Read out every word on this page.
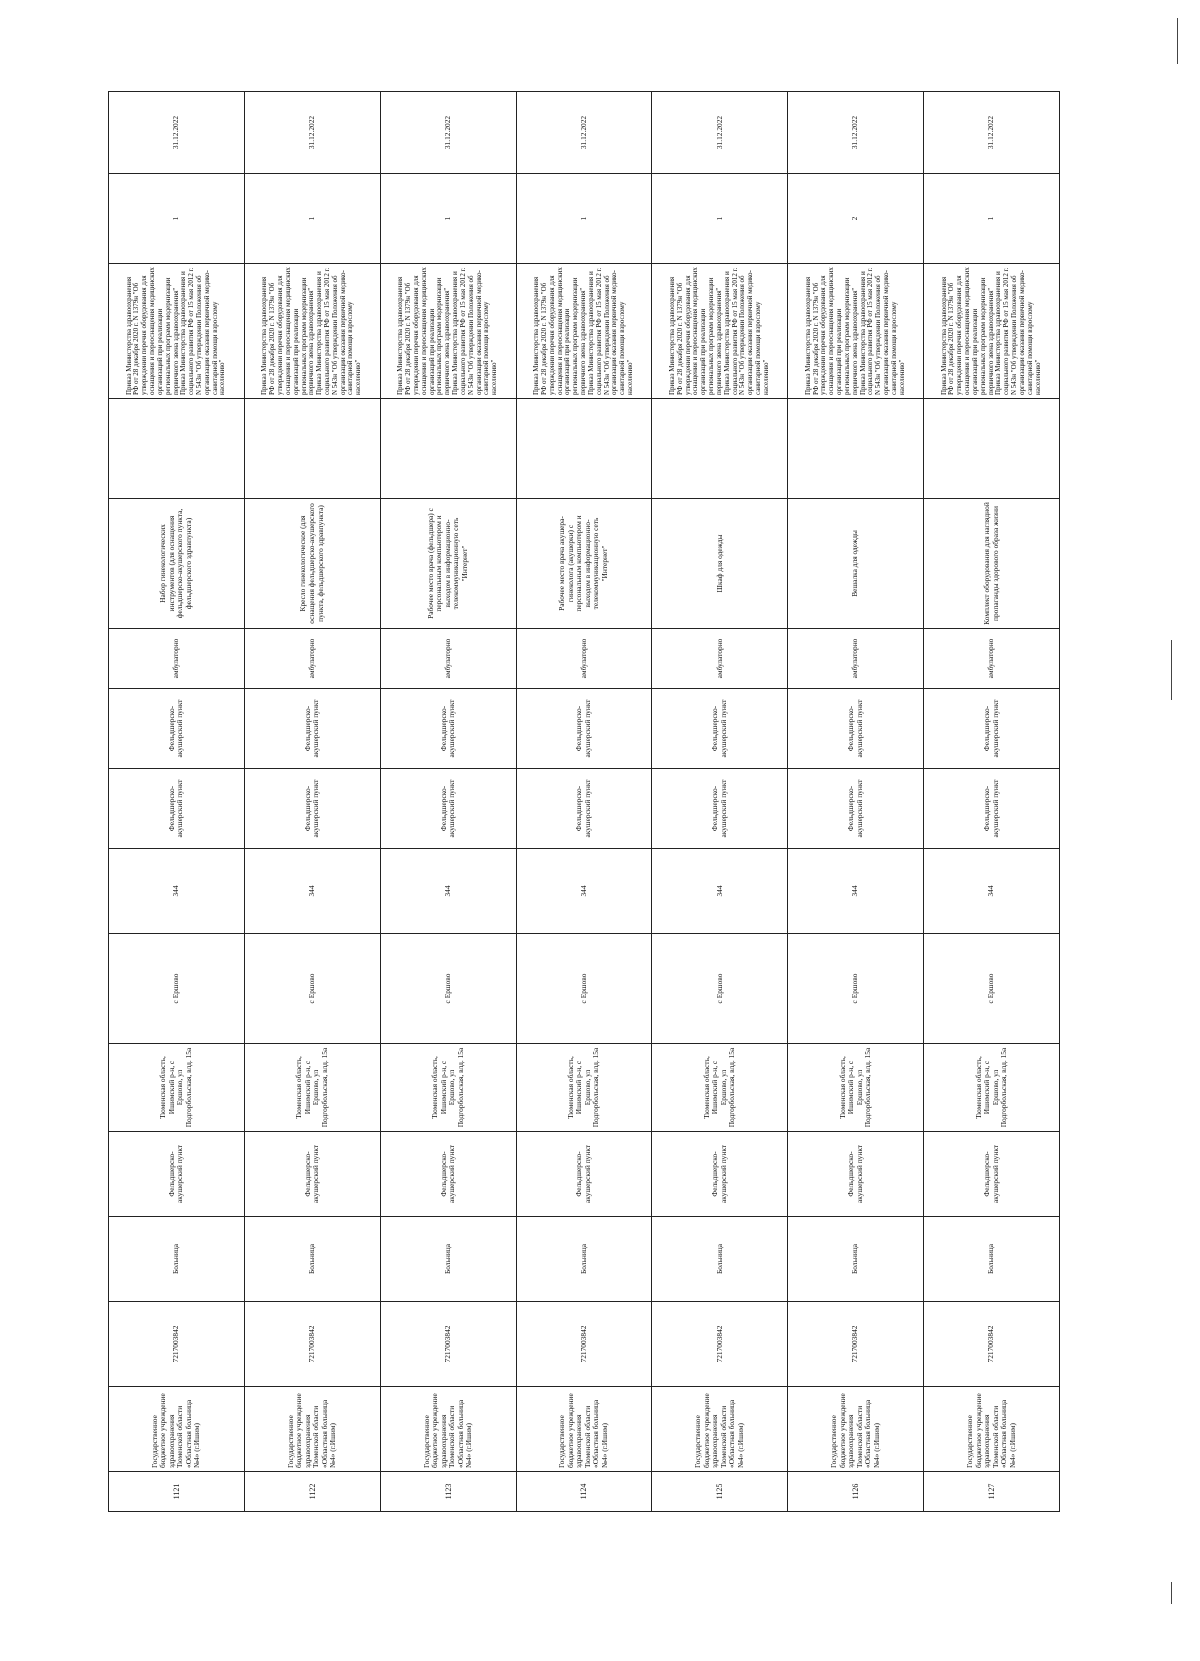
1121	Государственное бюджетное учреждение здравоохранения Тюменской области «Областная больница №4» (г.Ишим)	7217003842	Больница	Фельдшерско-акушерский пункт	Тюменская область, Ишимский р-н, с Ершово, ул Подгорбольская, влд. 15а	с Ершово	344	Фельдшерско-акушерский пункт	Фельдшерско-акушерский пункт	амбулаторно	Набор гинекологических инструментов (для оснащения фельдшерско-акушерского пункта, фельдшерского здравпункта)		Приказ Министерства здравоохранения РФ от 28 декабря 2020 г. N 1379н "Об утверждении перечня оборудования для оснащения и переоснащения медицинских организаций при реализации региональных программ модернизации первичного звена здравоохранения" Приказ Министерства здравоохранения и социального развития РФ от 15 мая 2012 г. N 543н "Об утверждении Положения об организации оказания первичной медико-санитарной помощи взрослому населению"	1	31.12.2022
1122	Государственное бюджетное учреждение здравоохранения Тюменской области «Областная больница №4» (г.Ишим)	7217003842	Больница	Фельдшерско-акушерский пункт	Тюменская область, Ишимский р-н, с Ершово, ул Подгорбольская, влд. 15а	с Ершово	344	Фельдшерско-акушерский пункт	Фельдшерско-акушерский пункт	амбулаторно	Кресло гинекологическое (для оснащения фельдшерско-акушерского пункта, фельдшерского здравпункта)		Приказ Министерства здравоохранения РФ от 28 декабря 2020 г. N 1379н "Об утверждении перечня оборудования для оснащения и переоснащения медицинских организаций при реализации региональных программ модернизации первичного звена здравоохранения" Приказ Министерства здравоохранения и социального развития РФ от 15 мая 2012 г. N 543н "Об утверждении Положения об организации оказания первичной медико-санитарной помощи взрослому населению"	1	31.12.2022
1123	Государственное бюджетное учреждение здравоохранения Тюменской области «Областная больница №4» (г.Ишим)	7217003842	Больница	Фельдшерско-акушерский пункт	Тюменская область, Ишимский р-н, с Ершово, ул Подгорбольская, влд. 15а	с Ершово	344	Фельдшерско-акушерский пункт	Фельдшерско-акушерский пункт	амбулаторно	Рабочее место врача (фельдшера) с персональным компьютером и выходом в информационно-телекоммуникационную сеть "Интернет"		Приказ Министерства здравоохранения РФ от 28 декабря 2020 г. N 1379н "Об утверждении перечня оборудования для оснащения и переоснащения медицинских организаций при реализации региональных программ модернизации первичного звена здравоохранения" Приказ Министерства здравоохранения и социального развития РФ от 15 мая 2012 г. N 543н "Об утверждении Положения об организации оказания первичной медико-санитарной помощи взрослому населению"	1	31.12.2022
1124	Государственное бюджетное учреждение здравоохранения Тюменской области «Областная больница №4» (г.Ишим)	7217003842	Больница	Фельдшерско-акушерский пункт	Тюменская область, Ишимский р-н, с Ершово, ул Подгорбольская, влд. 15а	с Ершово	344	Фельдшерско-акушерский пункт	Фельдшерско-акушерский пункт	амбулаторно	Рабочее место врача акушера-гинеколога (акушерки) с персональным компьютером и выходом в информационно-телекоммуникационную сеть "Интернет"		Приказ Министерства здравоохранения РФ от 28 декабря 2020 г. N 1379н "Об утверждении перечня оборудования для оснащения и переоснащения медицинских организаций при реализации региональных программ модернизации первичного звена здравоохранения" Приказ Министерства здравоохранения и социального развития РФ от 15 мая 2012 г. N 543н "Об утверждении Положения об организации оказания первичной медико-санитарной помощи взрослому населению"	1	31.12.2022
1125	Государственное бюджетное учреждение здравоохранения Тюменской области «Областная больница №4» (г.Ишим)	7217003842	Больница	Фельдшерско-акушерский пункт	Тюменская область, Ишимский р-н, с Ершово, ул Подгорбольская, влд. 15а	с Ершово	344	Фельдшерско-акушерский пункт	Фельдшерско-акушерский пункт	амбулаторно	Шкаф для одежды		Приказ Министерства здравоохранения РФ от 28 декабря 2020 г. N 1379н "Об утверждении перечня оборудования для оснащения и переоснащения медицинских организаций при реализации региональных программ модернизации первичного звена здравоохранения" Приказ Министерства здравоохранения и социального развития РФ от 15 мая 2012 г. N 543н "Об утверждении Положения об организации оказания первичной медико-санитарной помощи взрослому населению"	1	31.12.2022
1126	Государственное бюджетное учреждение здравоохранения Тюменской области «Областная больница №4» (г.Ишим)	7217003842	Больница	Фельдшерско-акушерский пункт	Тюменская область, Ишимский р-н, с Ершово, ул Подгорбольская, влд. 15а	с Ершово	344	Фельдшерско-акушерский пункт	Фельдшерско-акушерский пункт	амбулаторно	Вешалка для одежды		Приказ Министерства здравоохранения РФ от 28 декабря 2020 г. N 1379н "Об утверждении перечня оборудования для оснащения и переоснащения медицинских организаций при реализации региональных программ модернизации первичного звена здравоохранения" Приказ Министерства здравоохранения и социального развития РФ от 15 мая 2012 г. N 543н "Об утверждении Положения об организации оказания первичной медико-санитарной помощи взрослому населению"	2	31.12.2022
1127	Государственное бюджетное учреждение здравоохранения Тюменской области «Областная больница №4» (г.Ишим)	7217003842	Больница	Фельдшерско-акушерский пункт	Тюменская область, Ишимский р-н, с Ершово, ул Подгорбольская, влд. 15а	с Ершово	344	Фельдшерско-акушерский пункт	Фельдшерско-акушерский пункт	амбулаторно	Комплект оборудования для наглядной пропаганды здорового образа жизни		Приказ Министерства здравоохранения РФ от 28 декабря 2020 г. N 1379н "Об утверждении перечня оборудования для оснащения и переоснащения медицинских организаций при реализации региональных программ модернизации первичного звена здравоохранения" Приказ Министерства здравоохранения и социального развития РФ от 15 мая 2012 г. N 543н "Об утверждении Положения об организации оказания первичной медико-санитарной помощи взрослому населению"	1	31.12.2022
